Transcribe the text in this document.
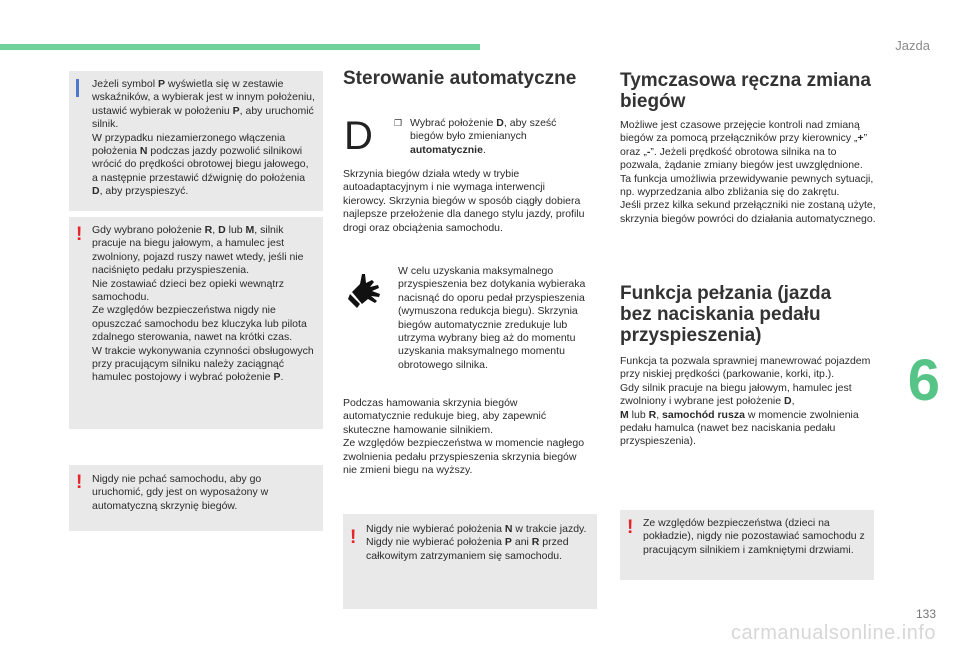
Jazda
6

Jeżeli symbol P wyświetla się w zestawie wskaźników, a wybierak jest w innym położeniu, ustawić wybierak w położeniu P, aby uruchomić silnik.

W przypadku niezamierzonego włączenia położenia N podczas jazdy pozwolić silnikowi wrócić do prędkości obrotowej biegu jałowego, a następnie przestawić dźwignię do położenia D, aby przyspieszyć.

! Gdy wybrano położenie R, D lub M, silnik pracuje na biegu jałowym, a hamulec jest zwolniony, pojazd ruszy nawet wtedy, jeśli nie naciśnięto pedału przyspieszenia.

Nie zostawiać dzieci bez opieki wewnątrz samochodu.

Ze względów bezpieczeństwa nigdy nie opuszczać samochodu bez kluczyka lub pilota zdalnego sterowania, nawet na krótki czas.

W trakcie wykonywania czynności obsługowych przy pracującym silniku należy zaciągnąć hamulec postojowy i wybrać położenie P.

! Nigdy nie pchać samochodu, aby go uruchomić, gdy jest on wyposażony w automatyczną skrzynię biegów.

Sterowanie automatyczne
D ❒ Wybrać położenie D, aby sześć biegów było zmienianych automatycznie.
Skrzynia biegów działa wtedy w trybie autoadaptacyjnym i nie wymaga interwencji kierowcy. Skrzynia biegów w sposób ciągły dobiera najlepsze przełożenie dla danego stylu jazdy, profilu drogi oraz obciążenia samochodu.
W celu uzyskania maksymalnego przyspieszenia bez dotykania wybieraka nacisnąć do oporu pedał przyspieszenia (wymuszona redukcja biegu). Skrzynia biegów automatycznie zredukuje lub utrzyma wybrany bieg aż do momentu uzyskania maksymalnego momentu obrotowego silnika.

Podczas hamowania skrzynia biegów automatycznie redukuje bieg, aby zapewnić skuteczne hamowanie silnikiem.

Ze względów bezpieczeństwa w momencie nagłego zwolnienia pedału przyspieszenia skrzynia biegów nie zmieni biegu na wyższy.

! Nigdy nie wybierać położenia N w trakcie jazdy.

Nigdy nie wybierać położenia P ani R przed całkowitym zatrzymaniem się samochodu.

Tymczasowa ręczna zmiana biegów

Możliwe jest czasowe przejęcie kontroli nad zmianą biegów za pomocą przełączników przy kierownicy „+” oraz „-”. Jeżeli prędkość obrotowa silnika na to pozwala, żądanie zmiany biegów jest uwzględnione.

Ta funkcja umożliwia przewidywanie pewnych sytuacji, np. wyprzedzania albo zbliżania się do zakrętu.

Jeśli przez kilka sekund przełączniki nie zostaną użyte, skrzynia biegów powróci do działania automatycznego.

Funkcja pełzania (jazda bez naciskania pedału przyspieszenia)

Funkcja ta pozwala sprawniej manewrować pojazdem przy niskiej prędkości (parkowanie, korki, itp.).

Gdy silnik pracuje na biegu jałowym, hamulec jest zwolniony i wybrane jest położenie D,

M lub R, samochód rusza w momencie zwolnienia pedału hamulca (nawet bez naciskania pedału przyspieszenia).

! Ze względów bezpieczeństwa (dzieci na pokładzie), nigdy nie pozostawiać samochodu z pracującym silnikiem i zamkniętymi drzwiami.

133
carmanualsonline.info
